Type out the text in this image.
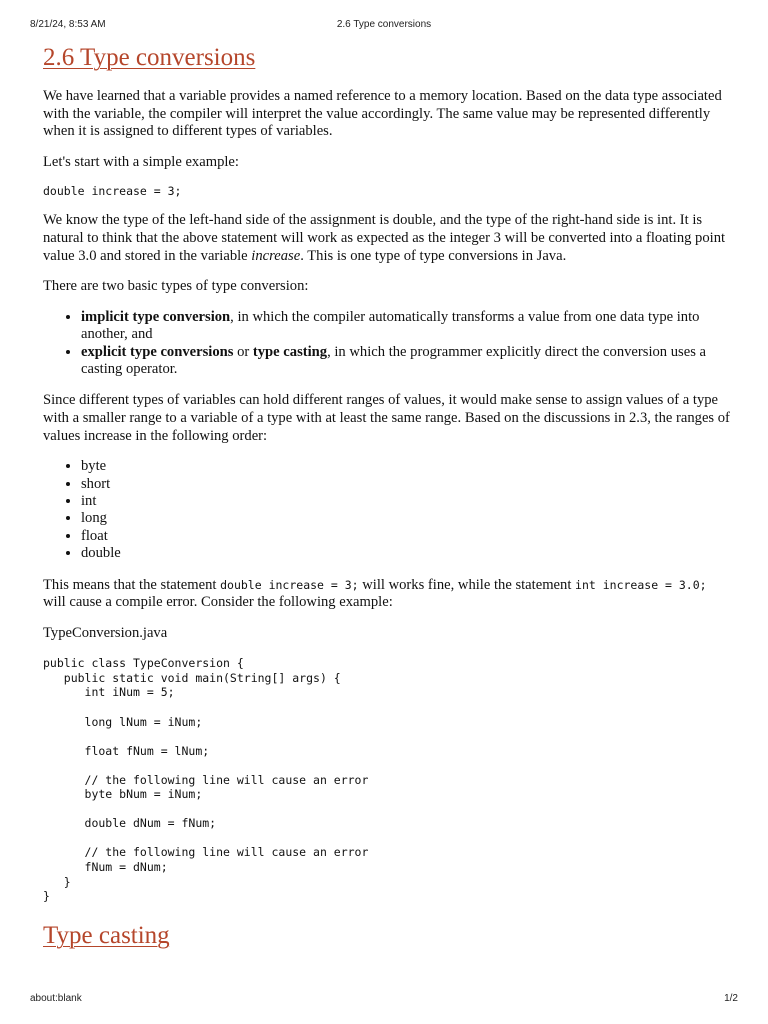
8/21/24, 8:53 AM	2.6 Type conversions
2.6 Type conversions

We have learned that a variable provides a named reference to a memory location. Based on the data type associated with the variable, the compiler will interpret the value accordingly. The same value may be represented differently when it is assigned to different types of variables.

Let's start with a simple example:

double increase = 3;

We know the type of the left-hand side of the assignment is double, and the type of the right-hand side is int. It is natural to think that the above statement will work as expected as the integer 3 will be converted into a floating point value 3.0 and stored in the variable increase. This is one type of type conversions in Java.

There are two basic types of type conversion:

• implicit type conversion, in which the compiler automatically transforms a value from one data type into another, and
• explicit type conversions or type casting, in which the programmer explicitly direct the conversion uses a casting operator.

Since different types of variables can hold different ranges of values, it would make sense to assign values of a type with a smaller range to a variable of a type with at least the same range. Based on the discussions in 2.3, the ranges of values increase in the following order:

• byte
• short
• int
• long
• float
• double

This means that the statement double increase = 3; will works fine, while the statement int increase = 3.0; will cause a compile error. Consider the following example:

TypeConversion.java

public class TypeConversion {
public static void main(String[] args) {
int iNum = 5;

long lNum = iNum;

float fNum = lNum;

// the following line will cause an error
byte bNum = iNum;

double dNum = fNum;

// the following line will cause an error
fNum = dNum;
}
}
Type casting
about:blank	1/2
